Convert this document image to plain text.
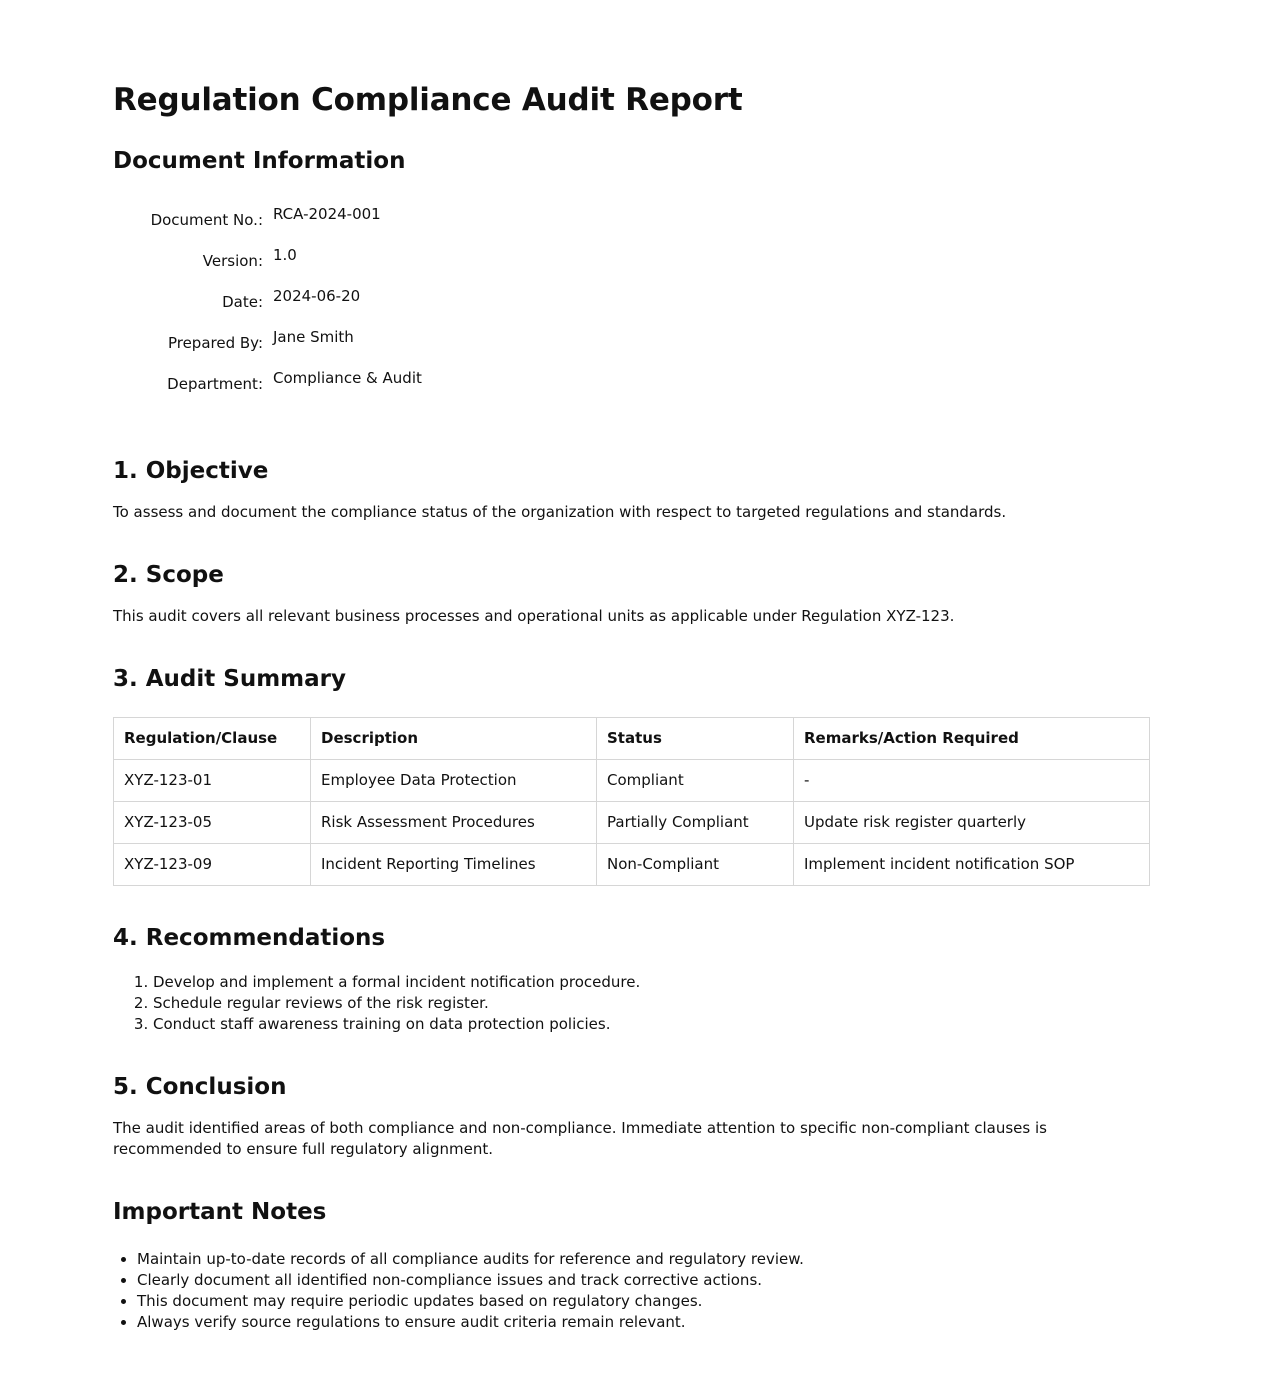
Regulation Compliance Audit Report
Document Information
Document No.: RCA-2024-001
Version: 1.0
Date: 2024-06-20
Prepared By: Jane Smith
Department: Compliance & Audit
1. Objective

To assess and document the compliance status of the organization with respect to targeted regulations and standards.

2. Scope

This audit covers all relevant business processes and operational units as applicable under Regulation XYZ-123.

3. Audit Summary
Regulation/Clause	Description	Status	Remarks/Action Required
XYZ-123-01	Employee Data Protection	Compliant	-
XYZ-123-05	Risk Assessment Procedures	Partially Compliant	Update risk register quarterly
XYZ-123-09	Incident Reporting Timelines	Non-Compliant	Implement incident notification SOP
4. Recommendations
1. Develop and implement a formal incident notification procedure.
2. Schedule regular reviews of the risk register.
3. Conduct staff awareness training on data protection policies.
5. Conclusion

The audit identified areas of both compliance and non-compliance. Immediate attention to specific non-compliant clauses is recommended to ensure full regulatory alignment.

Important Notes
• Maintain up-to-date records of all compliance audits for reference and regulatory review.
• Clearly document all identified non-compliance issues and track corrective actions.
• This document may require periodic updates based on regulatory changes.
• Always verify source regulations to ensure audit criteria remain relevant.
